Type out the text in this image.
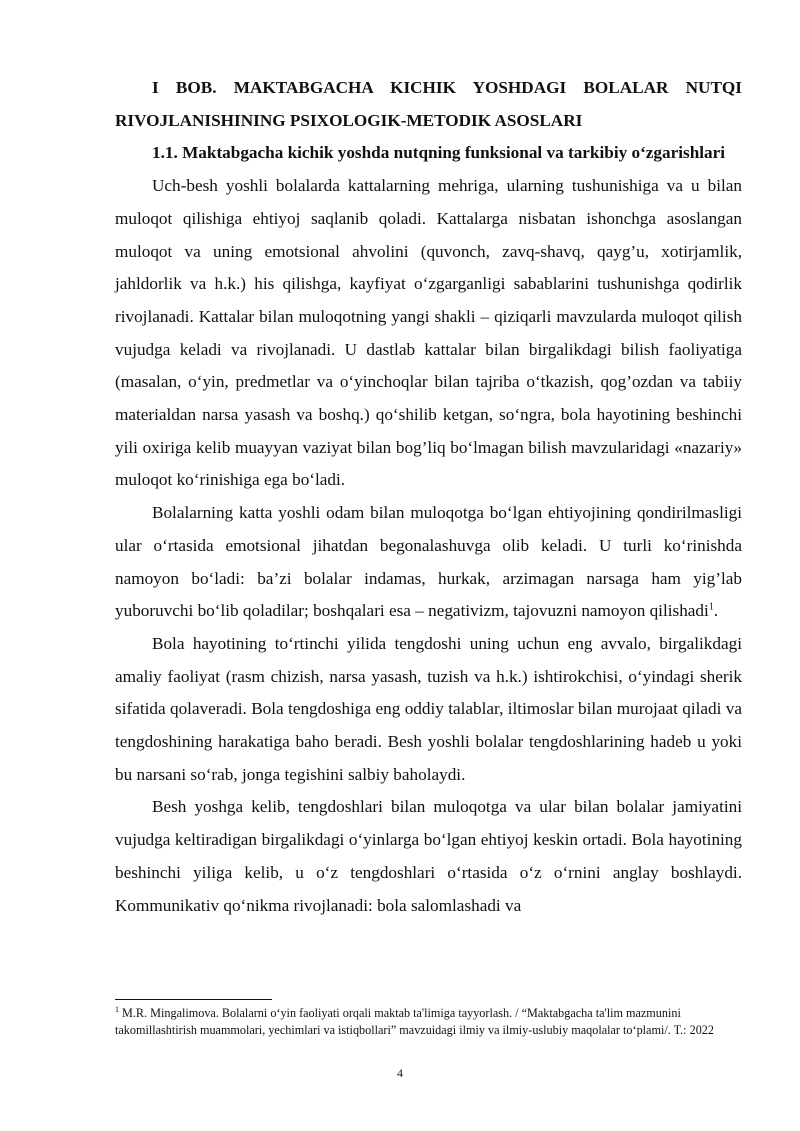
I BOB. MAKTABGACHA KICHIK YOSHDAGI BOLALAR NUTQI RIVOJLANISHINING PSIXOLOGIK-METODIK ASOSLARI

1.1. Maktabgacha kichik yoshda nutqning funksional va tarkibiy o‘zgarishlari

Uch-besh yoshli bolalarda kattalarning mehriga, ularning tushunishiga va u bilan muloqot qilishiga ehtiyoj saqlanib qoladi. Kattalarga nisbatan ishonchga asoslangan muloqot va uning emotsional ahvolini (quvonch, zavq-shavq, qayg’u, xotirjamlik, jahldorlik va h.k.) his qilishga, kayfiyat o‘zgarganligi sabablarini tushunishga qodirlik rivojlanadi. Kattalar bilan muloqotning yangi shakli – qiziqarli mavzularda muloqot qilish vujudga keladi va rivojlanadi. U dastlab kattalar bilan birgalikdagi bilish faoliyatiga (masalan, o‘yin, predmetlar va o‘yinchoqlar bilan tajriba o‘tkazish, qog’ozdan va tabiiy materialdan narsa yasash va boshq.) qo‘shilib ketgan, so‘ngra, bola hayotining beshinchi yili oxiriga kelib muayyan vaziyat bilan bog’liq bo‘lmagan bilish mavzularidagi «nazariy» muloqot ko‘rinishiga ega bo‘ladi.

Bolalarning katta yoshli odam bilan muloqotga bo‘lgan ehtiyojining qondirilmasligi ular o‘rtasida emotsional jihatdan begonalashuvga olib keladi. U turli ko‘rinishda namoyon bo‘ladi: ba’zi bolalar indamas, hurkak, arzimagan narsaga ham yig’lab yuboruvchi bo‘lib qoladilar; boshqalari esa – negativizm, tajovuzni namoyon qilishadi$^1$.

Bola hayotining to‘rtinchi yilida tengdoshi uning uchun eng avvalo, birgalikdagi amaliy faoliyat (rasm chizish, narsa yasash, tuzish va h.k.) ishtirokchisi, o‘yindagi sherik sifatida qolaveradi. Bola tengdoshiga eng oddiy talablar, iltimoslar bilan murojaat qiladi va tengdoshining harakatiga baho beradi. Besh yoshli bolalar tengdoshlarining hadeb u yoki bu narsani so‘rab, jonga tegishini salbiy baholaydi.

Besh yoshga kelib, tengdoshlari bilan muloqotga va ular bilan bolalar jamiyatini vujudga keltiradigan birgalikdagi o‘yinlarga bo‘lgan ehtiyoj keskin ortadi. Bola hayotining beshinchi yiliga kelib, u o‘z tengdoshlari o‘rtasida o‘z o‘rnini anglay boshlaydi. Kommunikativ qo‘nikma rivojlanadi: bola salomlashadi va

$^1$ M.R. Mingalimova. Bolalarni o‘yin faoliyati orqali maktab ta'limiga tayyorlash. / “Maktabgacha ta'lim mazmunini takomillashtirish muammolari, yechimlari va istiqbollari” mavzuidagi ilmiy va ilmiy-uslubiy maqolalar to‘plami/. T.: 2022

4
